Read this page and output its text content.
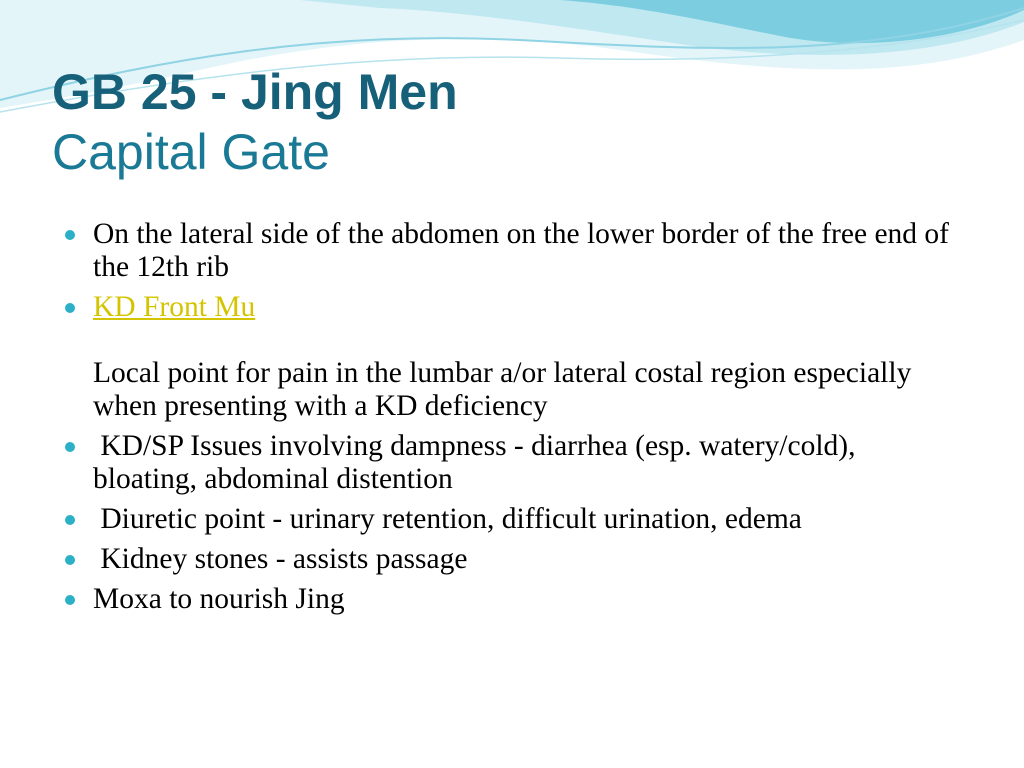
GB 25 - Jing Men
Capital Gate
On the lateral side of the abdomen on the lower border of the free end of the 12th rib
KD Front Mu
Local point for pain in the lumbar a/or lateral costal region especially when presenting with a KD deficiency
KD/SP Issues involving dampness - diarrhea (esp. watery/cold), bloating, abdominal distention
Diuretic point - urinary retention, difficult urination, edema
Kidney stones - assists passage
Moxa to nourish Jing
